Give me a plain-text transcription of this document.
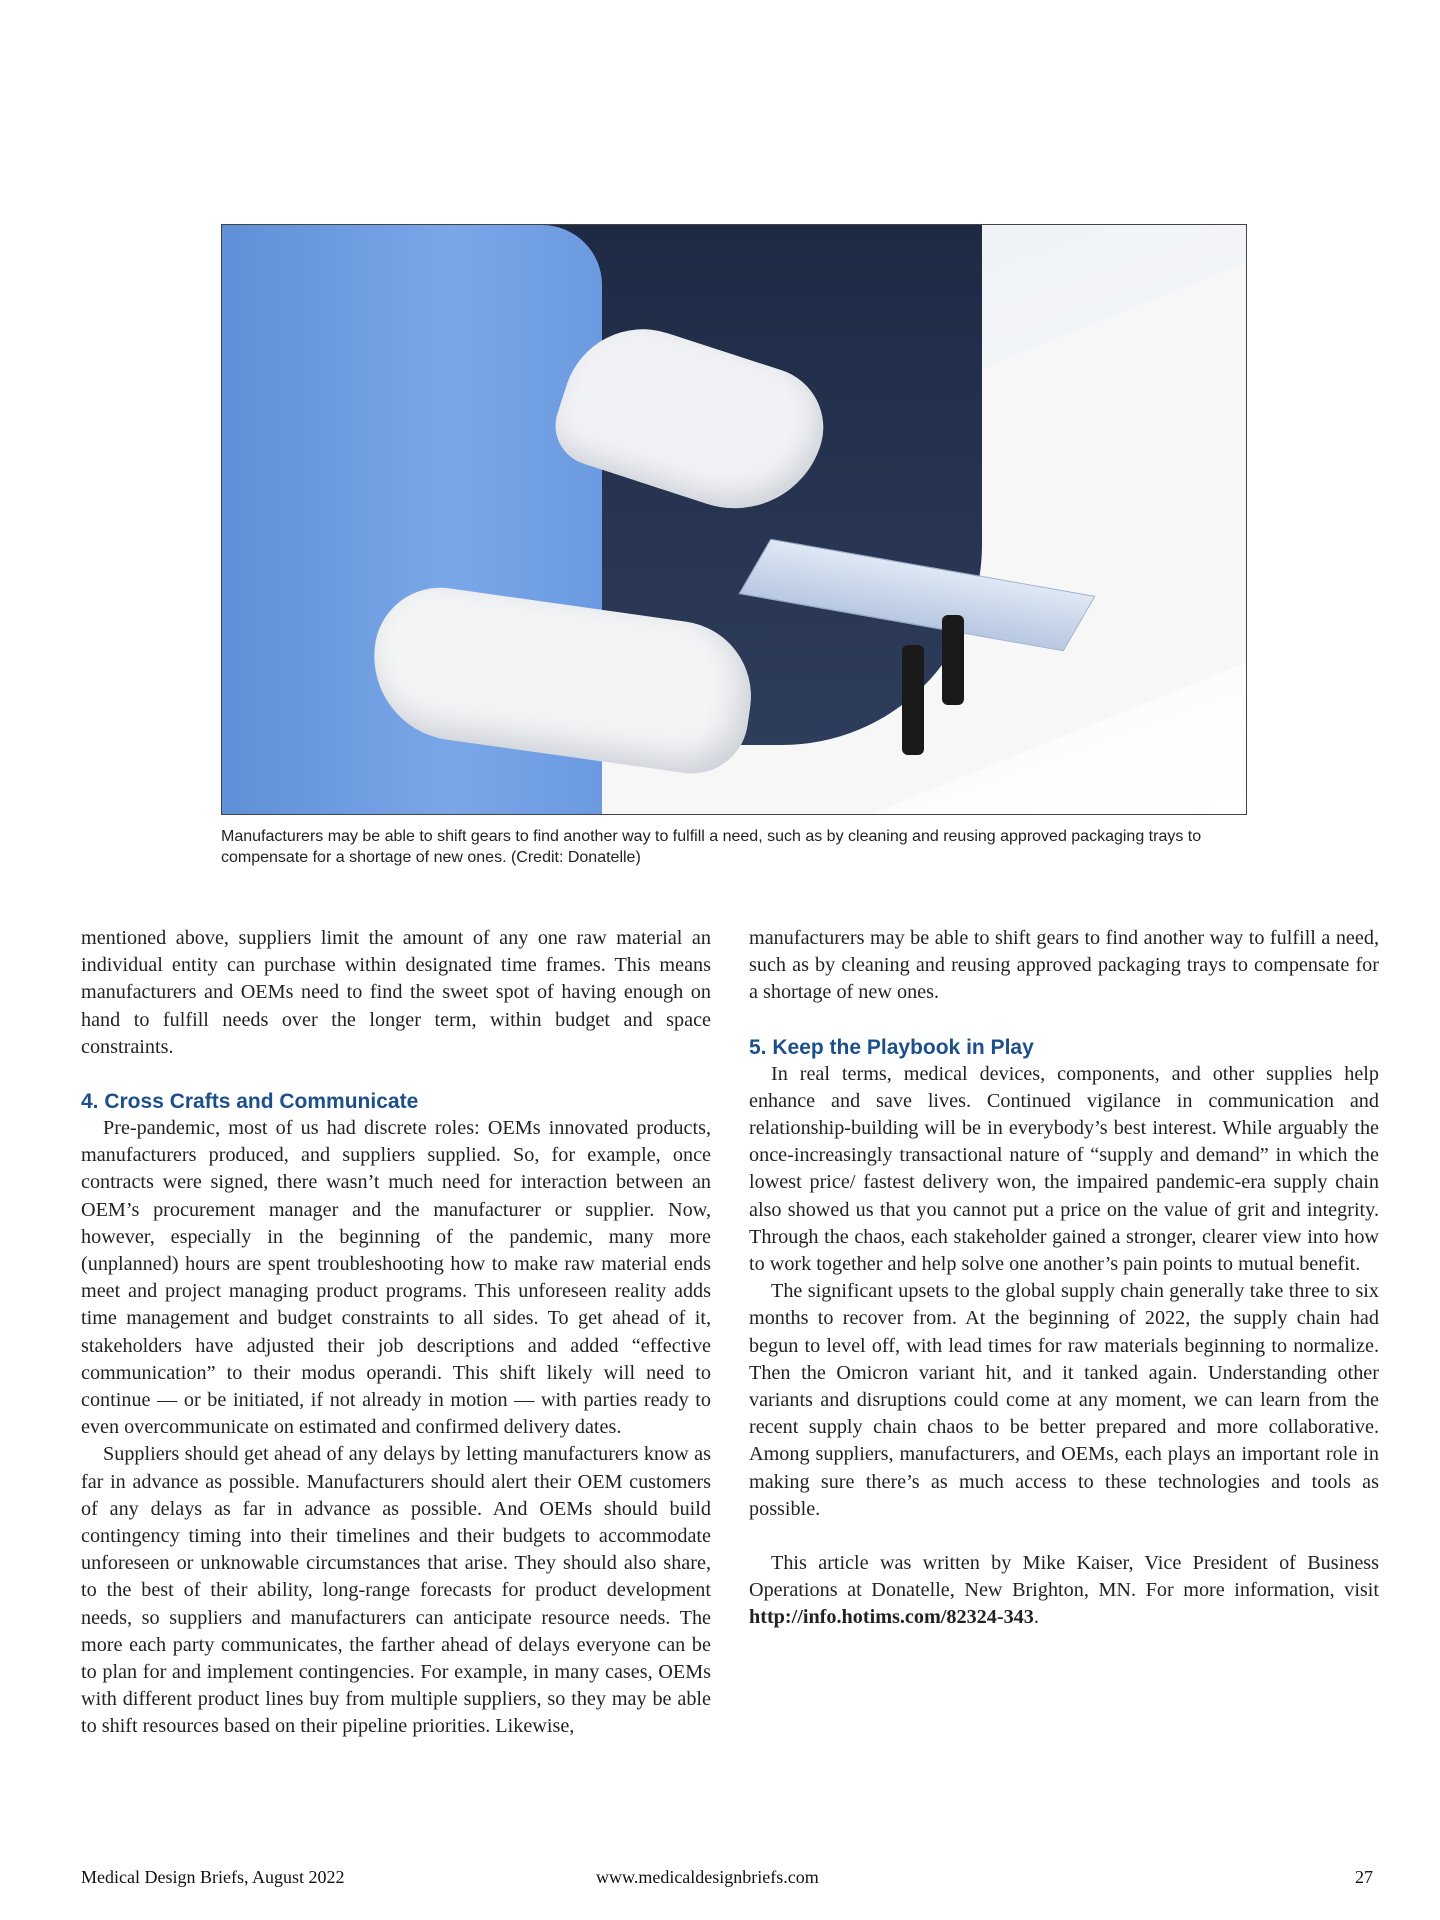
Manufacturers may be able to shift gears to find another way to fulfill a need, such as by cleaning and reusing approved packaging trays to compensate for a shortage of new ones. (Credit: Donatelle)

mentioned above, suppliers limit the amount of any one raw material an individual entity can purchase within designated time frames. This means manufacturers and OEMs need to find the sweet spot of having enough on hand to fulfill needs over the longer term, within budget and space constraints.

4. Cross Crafts and Communicate

Pre-pandemic, most of us had discrete roles: OEMs innovated products, manufacturers produced, and suppliers supplied. So, for example, once contracts were signed, there wasn’t much need for interaction between an OEM’s procurement manager and the manufacturer or supplier. Now, however, especially in the beginning of the pandemic, many more (unplanned) hours are spent troubleshooting how to make raw material ends meet and project managing product programs. This unforeseen reality adds time management and budget constraints to all sides. To get ahead of it, stakeholders have adjusted their job descriptions and added “effective communication” to their modus operandi. This shift likely will need to continue — or be initiated, if not already in motion — with parties ready to even overcommunicate on estimated and confirmed delivery dates.

Suppliers should get ahead of any delays by letting manufacturers know as far in advance as possible. Manufacturers should alert their OEM customers of any delays as far in advance as possible. And OEMs should build contingency timing into their timelines and their budgets to accommodate unforeseen or unknowable circumstances that arise. They should also share, to the best of their ability, long-range forecasts for product development needs, so suppliers and manufacturers can anticipate resource needs. The more each party communicates, the farther ahead of delays everyone can be to plan for and implement contingencies. For example, in many cases, OEMs with different product lines buy from multiple suppliers, so they may be able to shift resources based on their pipeline priorities. Likewise,

manufacturers may be able to shift gears to find another way to fulfill a need, such as by cleaning and reusing approved packaging trays to compensate for a shortage of new ones.

5. Keep the Playbook in Play

In real terms, medical devices, components, and other supplies help enhance and save lives. Continued vigilance in communication and relationship-building will be in everybody’s best interest. While arguably the once-increasingly transactional nature of “supply and demand” in which the lowest price/ fastest delivery won, the impaired pandemic-era supply chain also showed us that you cannot put a price on the value of grit and integrity. Through the chaos, each stakeholder gained a stronger, clearer view into how to work together and help solve one another’s pain points to mutual benefit.

The significant upsets to the global supply chain generally take three to six months to recover from. At the beginning of 2022, the supply chain had begun to level off, with lead times for raw materials beginning to normalize. Then the Omicron variant hit, and it tanked again. Understanding other variants and disruptions could come at any moment, we can learn from the recent supply chain chaos to be better prepared and more collaborative. Among suppliers, manufacturers, and OEMs, each plays an important role in making sure there’s as much access to these technologies and tools as possible.

This article was written by Mike Kaiser, Vice President of Business Operations at Donatelle, New Brighton, MN. For more information, visit http://info.hotims.com/82324-343.

Medical Design Briefs, August 2022	www.medicaldesignbriefs.com	27
